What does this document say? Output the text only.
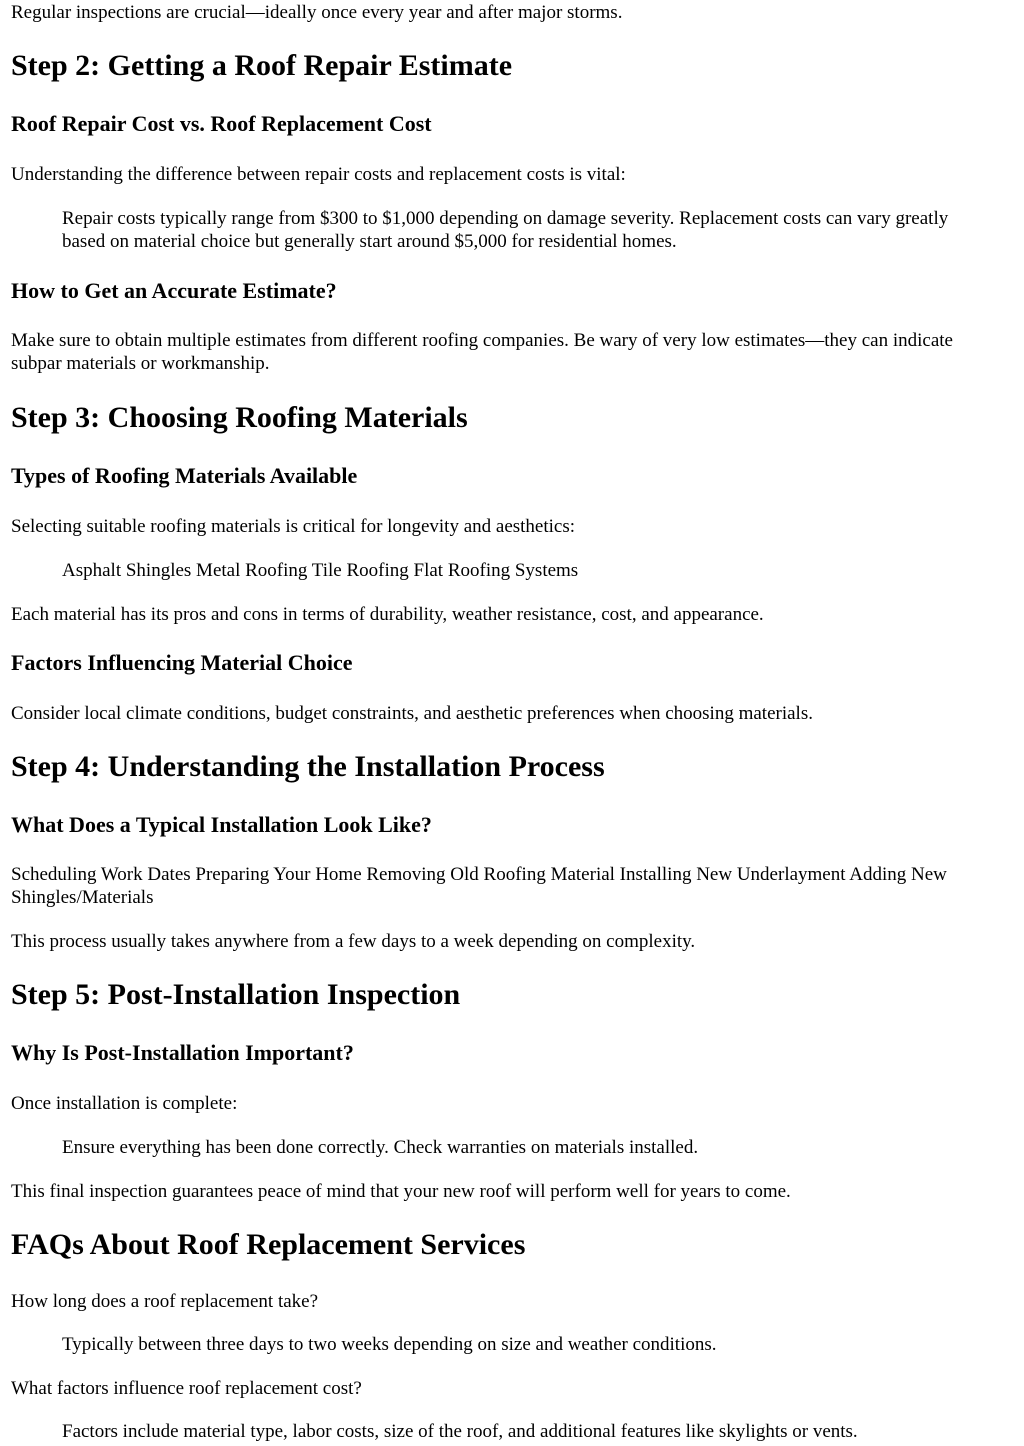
Regular inspections are crucial—ideally once every year and after major storms.

Step 2: Getting a Roof Repair Estimate
Roof Repair Cost vs. Roof Replacement Cost

Understanding the difference between repair costs and replacement costs is vital:

Repair costs typically range from $300 to $1,000 depending on damage severity. Replacement costs can vary greatly based on material choice but generally start around $5,000 for residential homes.
How to Get an Accurate Estimate?

Make sure to obtain multiple estimates from different roofing companies. Be wary of very low estimates—they can indicate subpar materials or workmanship.

Step 3: Choosing Roofing Materials
Types of Roofing Materials Available

Selecting suitable roofing materials is critical for longevity and aesthetics:

Asphalt Shingles Metal Roofing Tile Roofing Flat Roofing Systems

Each material has its pros and cons in terms of durability, weather resistance, cost, and appearance.

Factors Influencing Material Choice

Consider local climate conditions, budget constraints, and aesthetic preferences when choosing materials.

Step 4: Understanding the Installation Process
What Does a Typical Installation Look Like?

Scheduling Work Dates Preparing Your Home Removing Old Roofing Material Installing New Underlayment Adding New Shingles/Materials

This process usually takes anywhere from a few days to a week depending on complexity.

Step 5: Post-Installation Inspection
Why Is Post-Installation Important?

Once installation is complete:

Ensure everything has been done correctly. Check warranties on materials installed.

This final inspection guarantees peace of mind that your new roof will perform well for years to come.

FAQs About Roof Replacement Services

How long does a roof replacement take?

Typically between three days to two weeks depending on size and weather conditions.

What factors influence roof replacement cost?

Factors include material type, labor costs, size of the roof, and additional features like skylights or vents.
